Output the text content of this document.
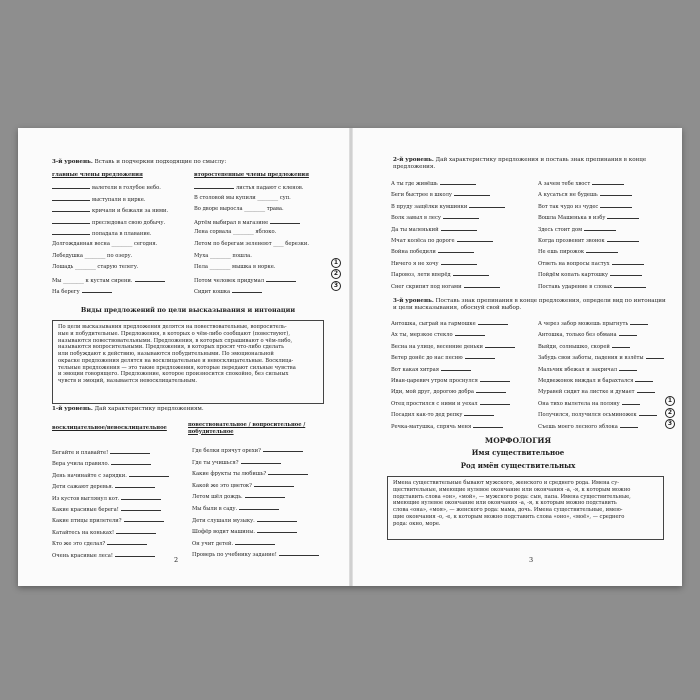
3-й уровень. Вставь и подчеркни подходящие по смыслу:
главные члены предложения	второстепенные члены предложения
валетели в голубое небо.
выступали в цирке.
кричали и бежали за ними.
преследовал свою добычу.
попадала в плавание.
Долгожданная весна ________ сегодня.
Лебедушка ________ по озеру.
Лошадь ________ старую телегу.
Мы ________ к кустам сирени.
На берегу
листья падают с кленов.
В столовой мы купили ________ суп.
Во дворе выросла ________ трава.
Артём выбирал в магазине
Лена сорвала ________ яблоко.
Летом по берегам зеленеют ____ березки.
Муха ________ пошла.
Пела ________ мышка в норке.
Потом человек придумал
Сидит кошка
Виды предложений по цели высказывания и интонации
По цели высказывания предложения делятся на повествовательные, вопроситель-
ные и побудительные. Предложения, в которых о чём-либо сообщают (повествуют),
называются повествовательными. Предложения, в которых спрашивают о чём-либо,
называются вопросительными. Предложения, в которых просят что-либо сделать
или побуждают к действию, называются побудительными. По эмоциональной
окраске предложения делятся на восклицательные и невосклицательные. Восклица-
тельные предложения — это такие предложения, которые передают сильные чувства
и эмоции говорящего. Предложение, которое произносится спокойно, без сильных
чувств и эмоций, называется невосклицательным.
1-й уровень. Дай характеристику предложениям.
восклицательное/невосклицательное	повествовательное / вопросительное / побудительное
Бегайте и плавайте!
Вера учила правило.
День начинайте с зарядки.
Дети сажают деревья.
Из кустов выглянул кот.
Какие красивые берега!
Какие птицы прилетели?
Катайтесь на коньках!
Кто же это сделал?
Очень красивые леса!
Где белки прячут орехи?
Где ты учишься?
Какие фрукты ты любишь?
Какой же это цветок?
Летом шёл дождь.
Мы были в саду.
Дети слушали музыку.
Шофёр водит машины.
Он учит детей.
Проверь по учебнику задание!
2
1
2
3
2-й уровень. Дай характеристику предложения и поставь знак препинания в конце предложения.
А ты где живёшь
Беги быстрее в школу
В пруду защёлки кувшинки
Волк завыл в лесу
Да ты маленький
Мчат колёса по дороге
Война победили
Ничего я не хочу
Паровоз, лети вперёд
Снег скрипит под ногами
А зачем тебе хвост
А кусаться не будешь
Вот так чудо из чудес
Вошла Машенька в избу
Здесь стоит дом
Когда прозвенит звонок
Не ешь пирожок
Ответь на вопросы пастух
Пойдём копать картошку
Поставь ударение в словах
3-й уровень. Поставь знак препинания в конце предложения, определи вид по интонации и цели высказывания, обоснуй свой выбор.
Антошка, сыграй на гармошке
Ах ты, мерзкое стекло
Весна на улице, весенние деньки
Ветер донёс до нас песню
Вот какая хитрая
Иван-царевич утром проснулся
Иди, мой друг, дорогою добра
Отец простился с ними и уехал
Посадил как-то дед репку
Речка-матушка, спрячь меня
А через забор можешь прыгнуть
Антошка, только без обмана
Выйди, солнышко, скорей
Забудь свои заботы, падения и взлёты
Мальчик вбежал и закричал
Медвежонок виждал и барахтался
Муравей сидит на листке и думает
Она тихо вылетела на поляну
Получился, получился осьминожек
Съешь моего лесного яблока
МОРФОЛОГИЯ
Имя существительное
Род имён существительных
Имена существительные бывают мужского, женского и среднего рода. Имена су-
ществительные, имеющие нулевое окончание или окончания -а, -я, к которым можно
подставить слова «он», «мой», — мужского рода: сын, папа. Имена существительные,
имеющие нулевое окончание или окончания -а, -я, к которым можно подставить
слова «она», «моя», — женского рода: мама, дочь. Имена существительные, имею-
щие окончания -о, -е, к которым можно подставить слова «оно», «моё», — среднего
рода: окно, море.
3
1
2
3
